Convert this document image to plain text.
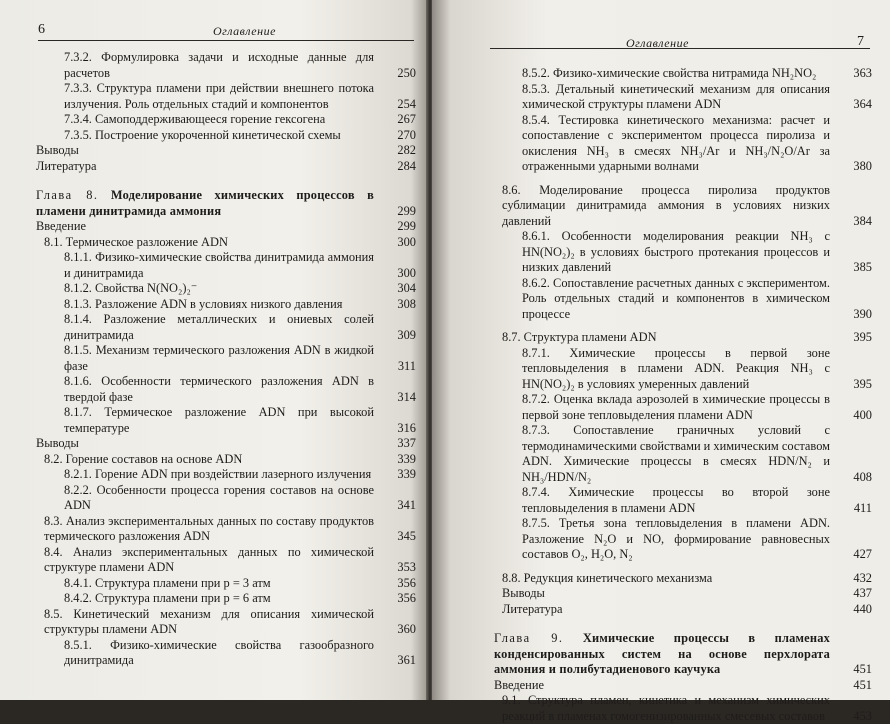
6	Оглавление
7.3.2. Формулировка задачи и исходные данные для расчетов	250
7.3.3. Структура пламени при действии внешнего потока излучения. Роль отдельных стадий и компонентов	254
7.3.4. Самоподдерживающееся горение гексогена	267
7.3.5. Построение укороченной кинетической схемы	270
Выводы	282
Литература	284
Глава 8. Моделирование химических процессов в пламени динитрамида аммония	299
Введение	299
8.1. Термическое разложение ADN	300
8.1.1. Физико-химические свойства динитрамида аммония и динитрамида	300
8.1.2. Свойства N(NO₂)₂⁻	304
8.1.3. Разложение ADN в условиях низкого давления	308
8.1.4. Разложение металлических и ониевых солей динитрамида	309
8.1.5. Механизм термического разложения ADN в жидкой фазе	311
8.1.6. Особенности термического разложения ADN в твердой фазе	314
8.1.7. Термическое разложение ADN при высокой температуре	316
Выводы	337
8.2. Горение составов на основе ADN	339
8.2.1. Горение ADN при воздействии лазерного излучения	339
8.2.2. Особенности процесса горения составов на основе ADN	341
8.3. Анализ экспериментальных данных по составу продуктов термического разложения ADN	345
8.4. Анализ экспериментальных данных по химической структуре пламени ADN	353
8.4.1. Структура пламени при p = 3 атм	356
8.4.2. Структура пламени при p = 6 атм	356
8.5. Кинетический механизм для описания химической структуры пламени ADN	360
8.5.1. Физико-химические свойства газообразного динитрамида	361
Оглавление	7
8.5.2. Физико-химические свойства нитрамида NH₂NO₂	363
8.5.3. Детальный кинетический механизм для описания химической структуры пламени ADN	364
8.5.4. Тестировка кинетического механизма: расчет и сопоставление с экспериментом процесса пиролиза и окисления NH₃ в смесях NH₃/Ar и NH₃/N₂O/Ar за отраженными ударными волнами	380
8.6. Моделирование процесса пиролиза продуктов сублимации динитрамида аммония в условиях низких давлений	384
8.6.1. Особенности моделирования реакции NH₃ с HN(NO₂)₂ в условиях быстрого протекания процессов и низких давлений	385
8.6.2. Сопоставление расчетных данных с экспериментом. Роль отдельных стадий и компонентов в химическом процессе	390
8.7. Структура пламени ADN	395
8.7.1. Химические процессы в первой зоне тепловыделения в пламени ADN. Реакция NH₃ с HN(NO₂)₂ в условиях умеренных давлений	395
8.7.2. Оценка вклада аэрозолей в химические процессы в первой зоне тепловыделения пламени ADN	400
8.7.3. Сопоставление граничных условий с термодинамическими свойствами и химическим составом ADN. Химические процессы в смесях HDN/N₂ и NH₃/HDN/N₂	408
8.7.4. Химические процессы во второй зоне тепловыделения в пламени ADN	411
8.7.5. Третья зона тепловыделения в пламени ADN. Разложение N₂O и NO, формирование равновесных составов O₂, H₂O, N₂	427
8.8. Редукция кинетического механизма	432
Выводы	437
Литература	440
Глава 9. Химические процессы в пламенах конденсированных систем на основе перхлората аммония и полибутадиенового каучука	451
Введение	451
9.1. Структура пламен, кинетика и механизм химических реакций в пламенах гомогенизированных смесевых составов	453
